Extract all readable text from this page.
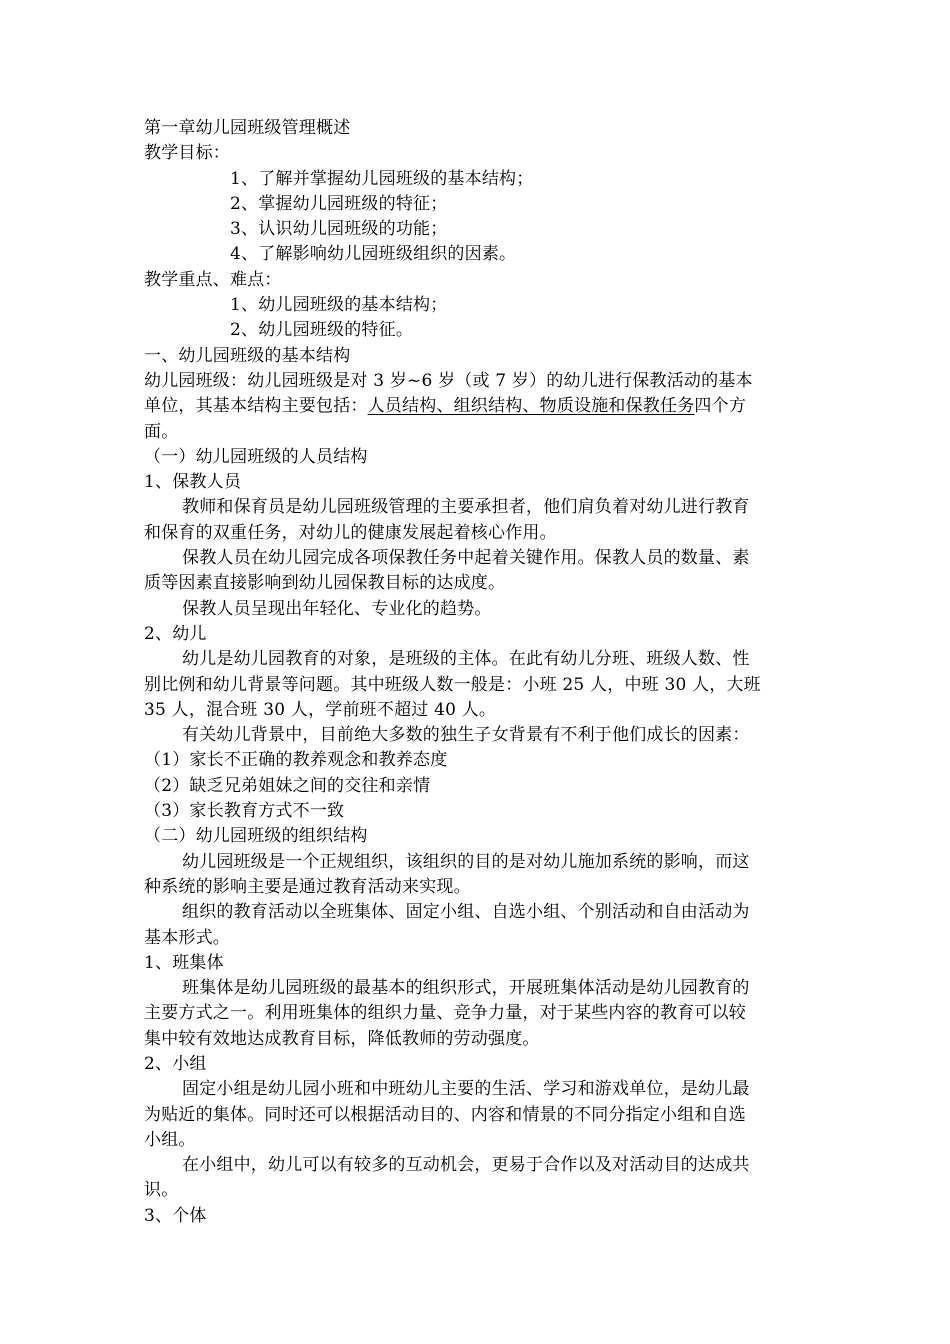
第一章幼儿园班级管理概述
教学目标：
1、了解并掌握幼儿园班级的基本结构；
2、掌握幼儿园班级的特征；
3、认识幼儿园班级的功能；
4、了解影响幼儿园班级组织的因素。
教学重点、难点：
1、幼儿园班级的基本结构；
2、幼儿园班级的特征。
一、幼儿园班级的基本结构
幼儿园班级：幼儿园班级是对 3 岁~6 岁（或 7 岁）的幼儿进行保教活动的基本
单位，其基本结构主要包括：人员结构、组织结构、物质设施和保教任务四个方
面。
（一）幼儿园班级的人员结构
1、保教人员
教师和保育员是幼儿园班级管理的主要承担者，他们肩负着对幼儿进行教育
和保育的双重任务，对幼儿的健康发展起着核心作用。
保教人员在幼儿园完成各项保教任务中起着关键作用。保教人员的数量、素
质等因素直接影响到幼儿园保教目标的达成度。
保教人员呈现出年轻化、专业化的趋势。
2、幼儿
幼儿是幼儿园教育的对象，是班级的主体。在此有幼儿分班、班级人数、性
别比例和幼儿背景等问题。其中班级人数一般是：小班 25 人，中班 30 人，大班
35 人，混合班 30 人，学前班不超过 40 人。
有关幼儿背景中，目前绝大多数的独生子女背景有不利于他们成长的因素：
（1）家长不正确的教养观念和教养态度
（2）缺乏兄弟姐妹之间的交往和亲情
（3）家长教育方式不一致
（二）幼儿园班级的组织结构
幼儿园班级是一个正规组织，该组织的目的是对幼儿施加系统的影响，而这
种系统的影响主要是通过教育活动来实现。
组织的教育活动以全班集体、固定小组、自选小组、个别活动和自由活动为
基本形式。
1、班集体
班集体是幼儿园班级的最基本的组织形式，开展班集体活动是幼儿园教育的
主要方式之一。利用班集体的组织力量、竞争力量，对于某些内容的教育可以较
集中较有效地达成教育目标，降低教师的劳动强度。
2、小组
固定小组是幼儿园小班和中班幼儿主要的生活、学习和游戏单位，是幼儿最
为贴近的集体。同时还可以根据活动目的、内容和情景的不同分指定小组和自选
小组。
在小组中，幼儿可以有较多的互动机会，更易于合作以及对活动目的达成共
识。
3、个体
